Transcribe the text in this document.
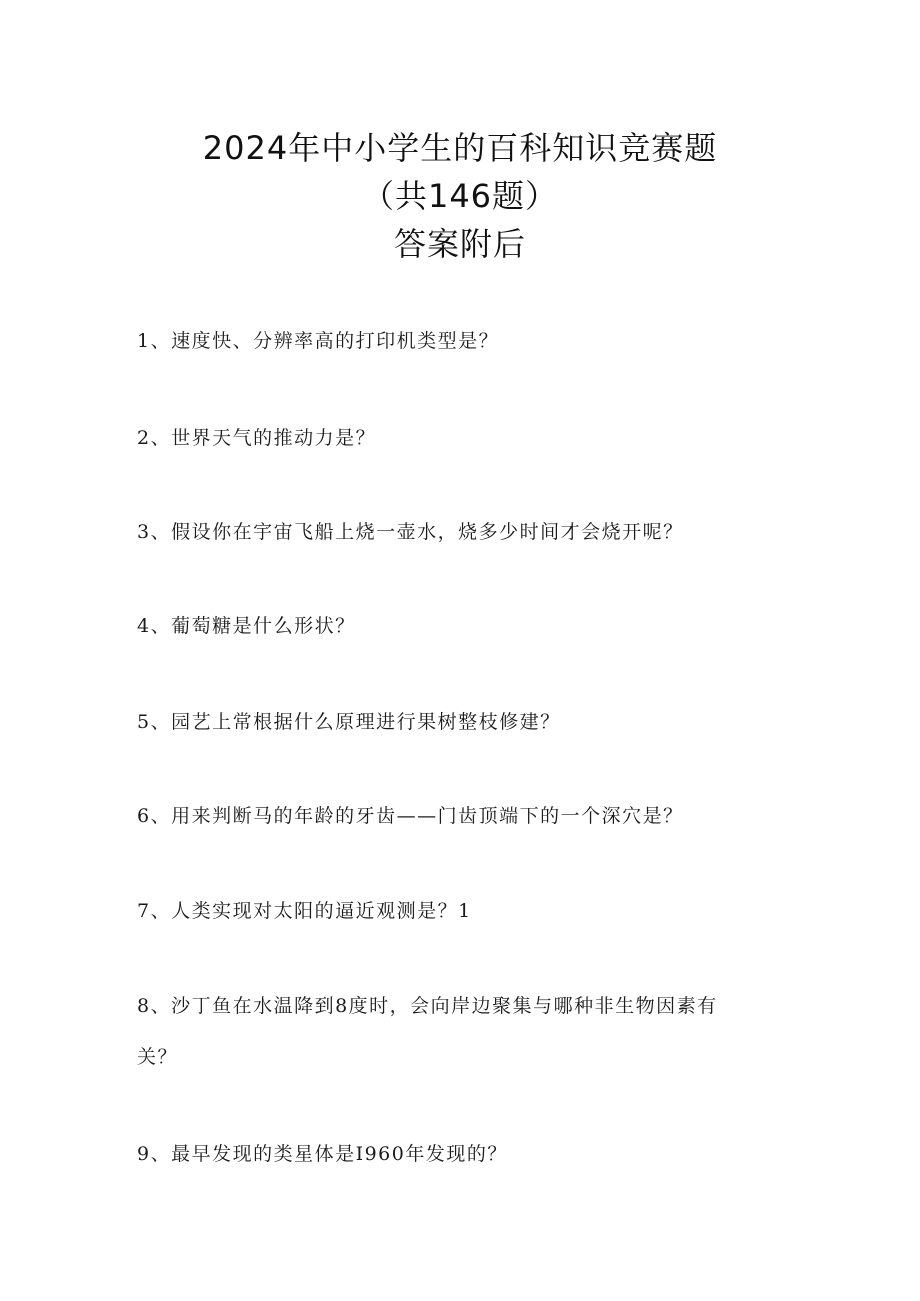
2024年中小学生的百科知识竞赛题
（共146题）
答案附后
1、速度快、分辨率高的打印机类型是？
2、世界天气的推动力是？
3、假设你在宇宙飞船上烧一壶水，烧多少时间才会烧开呢？
4、葡萄糖是什么形状？
5、园艺上常根据什么原理进行果树整枝修建？
6、用来判断马的年龄的牙齿——门齿顶端下的一个深穴是？
7、人类实现对太阳的逼近观测是？1
8、沙丁鱼在水温降到8度时，会向岸边聚集与哪种非生物因素有
关？
9、最早发现的类星体是I960年发现的？
